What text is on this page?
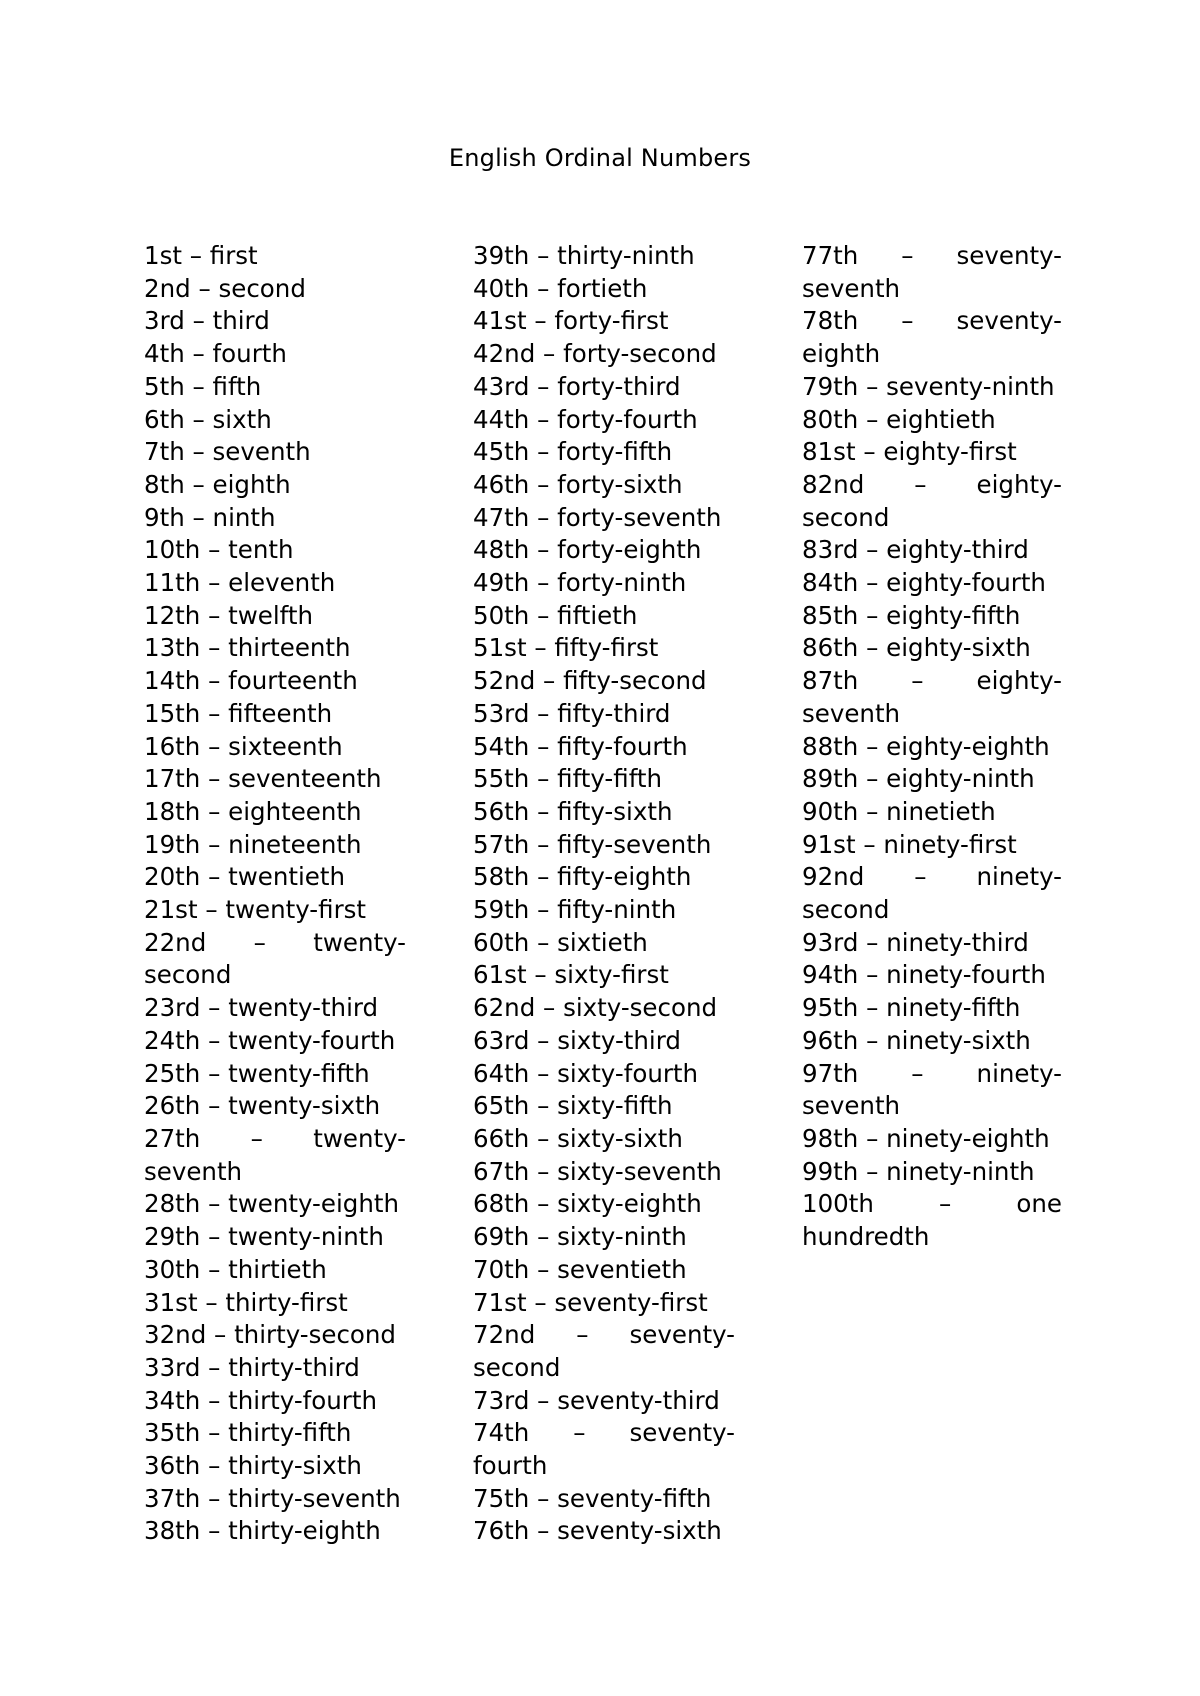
English Ordinal Numbers
1st – first
2nd – second
3rd – third
4th – fourth
5th – fifth
6th – sixth
7th – seventh
8th – eighth
9th – ninth
10th – tenth
11th – eleventh
12th – twelfth
13th – thirteenth
14th – fourteenth
15th – fifteenth
16th – sixteenth
17th – seventeenth
18th – eighteenth
19th – nineteenth
20th – twentieth
21st – twenty-first
22nd – twenty-second
23rd – twenty-third
24th – twenty-fourth
25th – twenty-fifth
26th – twenty-sixth
27th – twenty-seventh
28th – twenty-eighth
29th – twenty-ninth
30th – thirtieth
31st – thirty-first
32nd – thirty-second
33rd – thirty-third
34th – thirty-fourth
35th – thirty-fifth
36th – thirty-sixth
37th – thirty-seventh
38th – thirty-eighth
39th – thirty-ninth
40th – fortieth
41st – forty-first
42nd – forty-second
43rd – forty-third
44th – forty-fourth
45th – forty-fifth
46th – forty-sixth
47th – forty-seventh
48th – forty-eighth
49th – forty-ninth
50th – fiftieth
51st – fifty-first
52nd – fifty-second
53rd – fifty-third
54th – fifty-fourth
55th – fifty-fifth
56th – fifty-sixth
57th – fifty-seventh
58th – fifty-eighth
59th – fifty-ninth
60th – sixtieth
61st – sixty-first
62nd – sixty-second
63rd – sixty-third
64th – sixty-fourth
65th – sixty-fifth
66th – sixty-sixth
67th – sixty-seventh
68th – sixty-eighth
69th – sixty-ninth
70th – seventieth
71st – seventy-first
72nd – seventy-second
73rd – seventy-third
74th – seventy-fourth
75th – seventy-fifth
76th – seventy-sixth
77th – seventy-seventh
78th – seventy-eighth
79th – seventy-ninth
80th – eightieth
81st – eighty-first
82nd – eighty-second
83rd – eighty-third
84th – eighty-fourth
85th – eighty-fifth
86th – eighty-sixth
87th – eighty-seventh
88th – eighty-eighth
89th – eighty-ninth
90th – ninetieth
91st – ninety-first
92nd – ninety-second
93rd – ninety-third
94th – ninety-fourth
95th – ninety-fifth
96th – ninety-sixth
97th – ninety-seventh
98th – ninety-eighth
99th – ninety-ninth
100th – one hundredth
